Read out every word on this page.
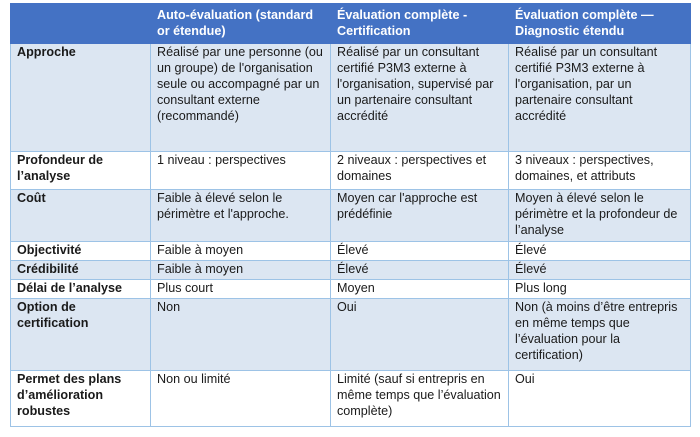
	Auto-évaluation (standard or étendue)	Évaluation complète - Certification	Évaluation complète — Diagnostic étendu
Approche	Réalisé par une personne (ou un groupe) de l'organisation seule ou accompagné par un consultant externe (recommandé)	Réalisé par un consultant certifié P3M3 externe à l'organisation, supervisé par un partenaire consultant accrédité	Réalisé par un consultant certifié P3M3 externe à l'organisation, par un partenaire consultant accrédité
Profondeur de l’analyse	1 niveau : perspectives	2 niveaux : perspectives et domaines	3 niveaux : perspectives, domaines, et attributs
Coût	Faible à élevé selon le périmètre et l'approche.	Moyen car l'approche est prédéfinie	Moyen à élevé selon le périmètre et la profondeur de l’analyse
Objectivité	Faible à moyen	Élevé	Élevé
Crédibilité	Faible à moyen	Élevé	Élevé
Délai de l’analyse	Plus court	Moyen	Plus long
Option de certification	Non	Oui	Non (à moins d’être entrepris en même temps que l’évaluation pour la certification)
Permet des plans d’amélioration robustes	Non ou limité	Limité (sauf si entrepris en même temps que l’évaluation complète)	Oui
